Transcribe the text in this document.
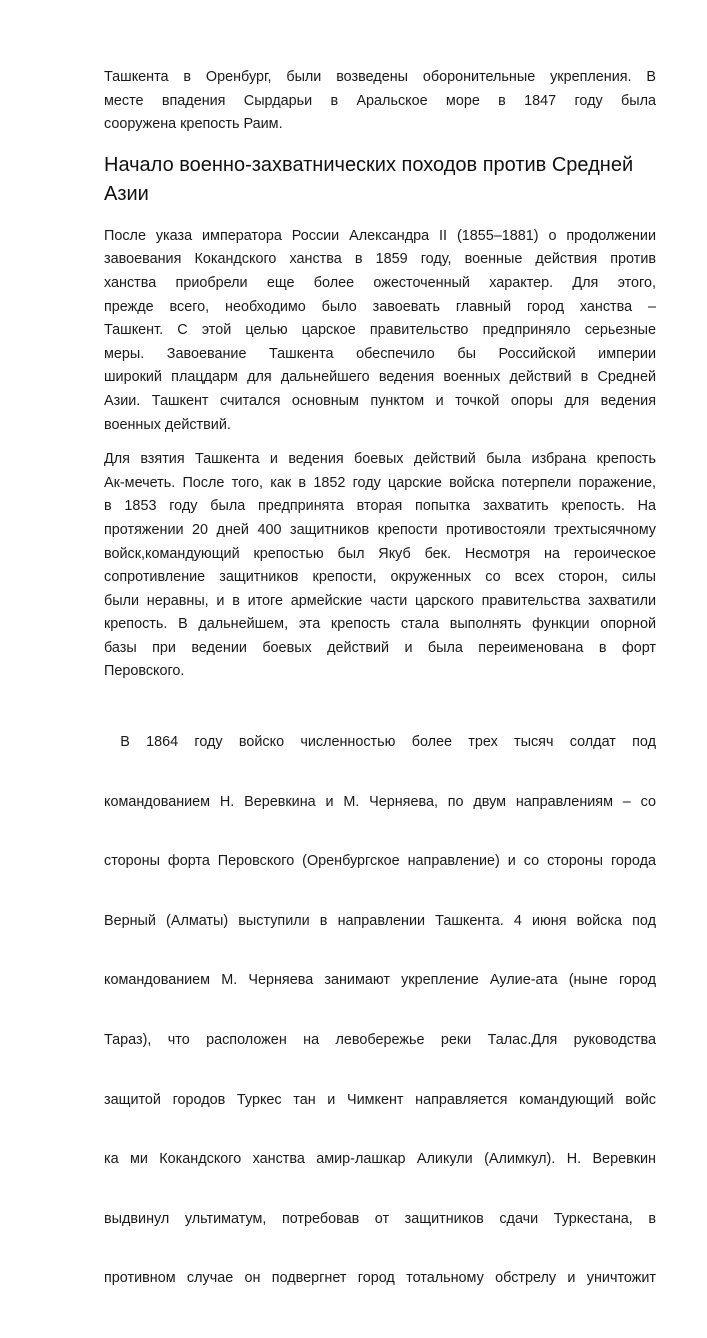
Ташкента в Оренбург, были возведены оборонительные укрепления. В
месте впадения Сырдарьи в Аральское море в 1847 году была
сооружена крепость Раим.
Начало военно-захватнических походов против Средней
Азии
После указа императора России Александра II (1855–1881) о продолжении
завоевания Кокандского ханства в 1859 году, военные действия против
ханства приобрели еще более ожесточенный характер. Для этого,
прежде всего, необходимо было завоевать главный город ханства –
Ташкент. С этой целью царское правительство предприняло серьезные
меры. Завоевание Ташкента обеспечило бы Российской империи
широкий плацдарм для дальнейшего ведения военных действий в Средней
Азии. Ташкент считался основным пунктом и точкой опоры для ведения
военных действий.
Для взятия Ташкента и ведения боевых действий была избрана крепость
Ак-мечеть. После того, как в 1852 году царские войска потерпели поражение,
в 1853 году была предпринята вторая попытка захватить крепость. На
протяжении 20 дней 400 защитников крепости противостояли трехтысячному
войск,командующий крепостью был Якуб бек. Несмотря на героическое
сопротивление защитников крепости, окруженных со всех сторон, силы
были неравны, и в итоге армейские части царского правительства захватили
крепость. В дальнейшем, эта крепость стала выполнять функции опорной
базы при ведении боевых действий и была переименована в форт
Перовского.

В 1864 году войско численностью более трех тысяч солдат под

командованием Н. Веревкина и М. Черняева, по двум направлениям – со

стороны форта Перовского (Оренбургское направление) и со стороны города

Верный (Алматы) выступили в направлении Ташкента. 4 июня войска под

командованием М. Черняева занимают укрепление Аулие-ата (ныне город

Тараз), что расположен на левобережье реки Талас.Для руководства

защитой городов Туркес тан и Чимкент направляется командующий войс

ка ми Кокандского ханства амир-лашкар Аликули (Алимкул). Н. Веревкин

выдвинул ультиматум, потребовав от защитников сдачи Туркестана, в

противном случае он подвергнет город тотальному обстрелу и уничтожит
